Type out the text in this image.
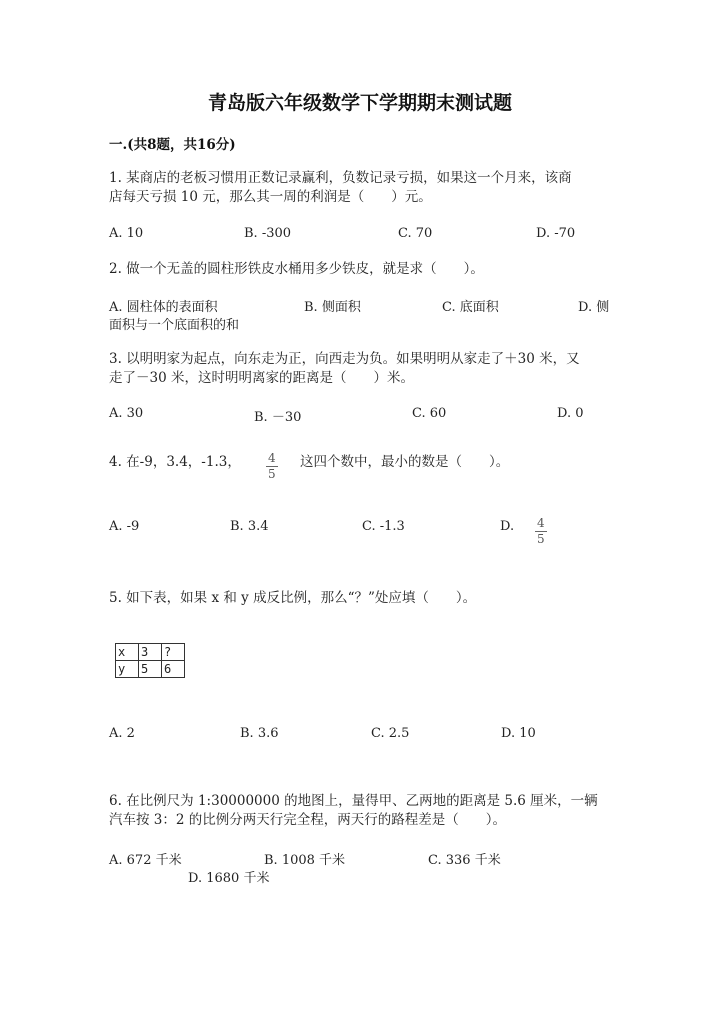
青岛版六年级数学下学期期末测试题
一.(共8题，共16分)
1. 某商店的老板习惯用正数记录赢利，负数记录亏损，如果这一个月来，该商
店每天亏损 10 元，那么其一周的利润是（　　）元。
A. 10	B. -300	C. 70	D. -70
2. 做一个无盖的圆柱形铁皮水桶用多少铁皮，就是求（　　）。
A. 圆柱体的表面积	B. 侧面积	C. 底面积	D. 侧
面积与一个底面积的和
3. 以明明家为起点，向东走为正，向西走为负。如果明明从家走了＋30 米，又
走了－30 米，这时明明离家的距离是（　　）米。
A. 30	B. －30	C. 60	D. 0
4. 在-9，3.4，-1.3， $\frac{4}{5}$ 这四个数中，最小的数是（　　）。
A. -9	B. 3.4	C. -1.3	D. $\frac{4}{5}$
5. 如下表，如果 x 和 y 成反比例，那么“？”处应填（　　）。
x	3	?
y	5	6
A. 2	B. 3.6	C. 2.5	D. 10
6. 在比例尺为 1:30000000 的地图上，量得甲、乙两地的距离是 5.6 厘米，一辆
汽车按 3：2 的比例分两天行完全程，两天行的路程差是（　　）。
A. 672 千米	B. 1008 千米	C. 336 千米
D. 1680 千米
